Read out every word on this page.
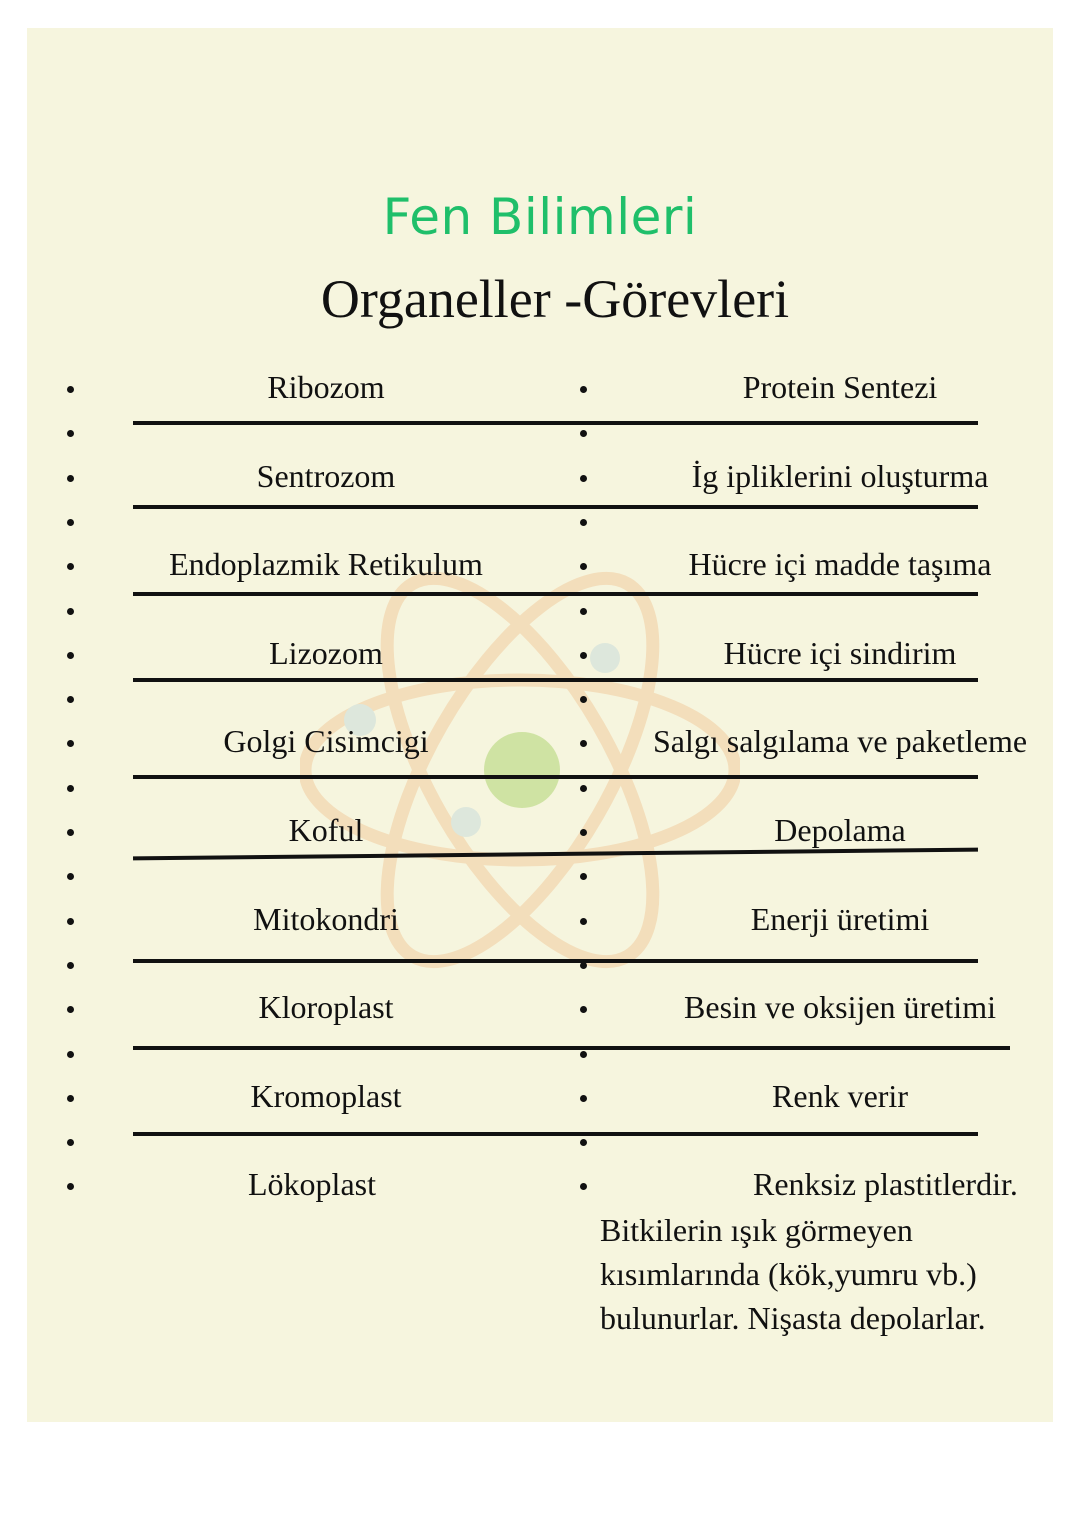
Fen Bilimleri
Organeller -Görevleri
Ribozom	Protein Sentezi
Sentrozom	İg ipliklerini oluşturma
Endoplazmik Retikulum	Hücre içi madde taşıma
Lizozom	Hücre içi sindirim
Golgi Cisimcigi	Salgı salgılama ve paketleme
Koful	Depolama
Mitokondri	Enerji üretimi
Kloroplast	Besin ve oksijen üretimi
Kromoplast	Renk verir
Lökoplast	Renksiz plastitlerdir.
Bitkilerin ışık görmeyen
kısımlarında (kök,yumru vb.)
bulunurlar. Nişasta depolarlar.
